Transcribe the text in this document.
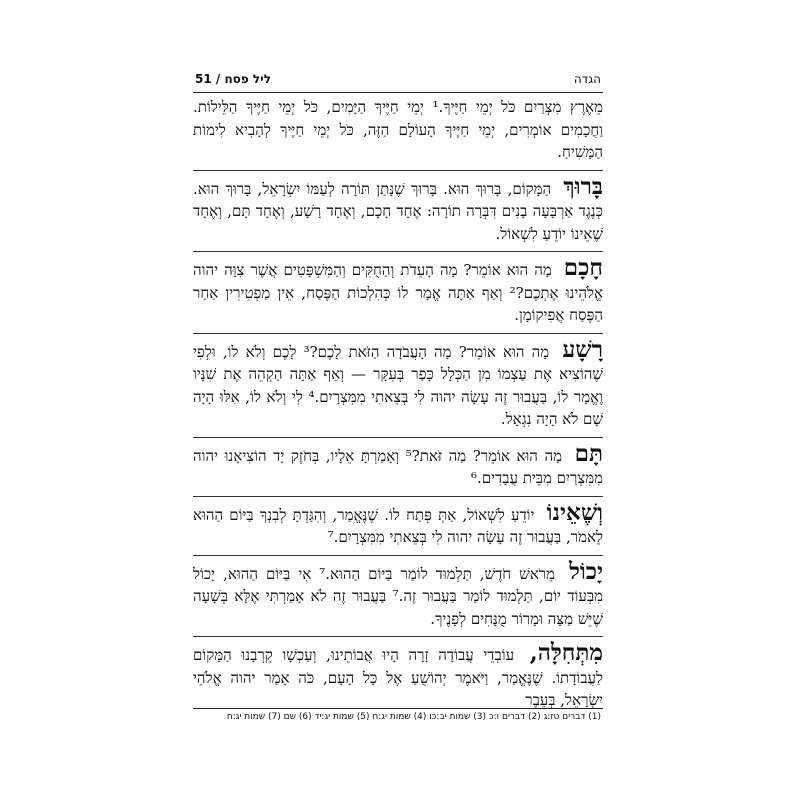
הגדה
ליל פסח / 51

מֵאֶרֶץ מִצְרַיִם כֹּל יְמֵי חַיֶּיךָ.¹ יְמֵי חַיֶּיךָ הַיָּמִים, כֹּל יְמֵי חַיֶּיךָ הַלֵּילוֹת. וַחֲכָמִים אוֹמְרִים, יְמֵי חַיֶּיךָ הָעוֹלָם הַזֶּה, כֹּל יְמֵי חַיֶּיךָ לְהָבִיא לִימוֹת הַמָּשִׁיחַ.

בָּרוּךְ הַמָּקוֹם, בָּרוּךְ הוּא. בָּרוּךְ שֶׁנָּתַן תּוֹרָה לְעַמּוֹ יִשְׂרָאֵל, בָּרוּךְ הוּא. כְּנֶגֶד אַרְבָּעָה בָנִים דִּבְּרָה תוֹרָה: אֶחָד חָכָם, וְאֶחָד רָשָׁע, וְאֶחָד תָּם, וְאֶחָד שֶׁאֵינוֹ יוֹדֵעַ לִשְׁאוֹל.

חָכָם מָה הוּא אוֹמֵר? מָה הָעֵדֹת וְהַחֻקִּים וְהַמִּשְׁפָּטִים אֲשֶׁר צִוָּה יהוה אֱלֹהֵינוּ אֶתְכֶם?² וְאַף אַתָּה אֱמָר לוֹ כְּהִלְכוֹת הַפֶּסַח, אֵין מַפְטִירִין אַחַר הַפֶּסַח אֲפִיקוֹמָן.

רָשָׁע מָה הוּא אוֹמֵר? מָה הָעֲבֹדָה הַזֹּאת לָכֶם?³ לָכֶם וְלֹא לוֹ, וּלְפִי שֶׁהוֹצִיא אֶת עַצְמוֹ מִן הַכְּלָל כָּפַר בְּעִקָּר — וְאַף אַתָּה הַקְהֵה אֶת שִׁנָּיו וֶאֱמָר לוֹ, בַּעֲבוּר זֶה עָשָׂה יהוה לִי בְּצֵאתִי מִמִּצְרָיִם.⁴ לִי וְלֹא לוֹ, אִלּוּ הָיָה שָׁם לֹא הָיָה נִגְאָל.

תָּם מָה הוּא אוֹמֵר? מַה זֹּאת?⁵ וְאָמַרְתָּ אֵלָיו, בְּחֹזֶק יָד הוֹצִיאָנוּ יהוה מִמִּצְרַיִם מִבֵּית עֲבָדִים.⁶

וְשֶׁאֵינוֹ יוֹדֵעַ לִשְׁאוֹל, אַתְּ פְּתַח לוֹ. שֶׁנֶּאֱמַר, וְהִגַּדְתָּ לְבִנְךָ בַּיּוֹם הַהוּא לֵאמֹר, בַּעֲבוּר זֶה עָשָׂה יהוה לִי בְּצֵאתִי מִמִּצְרָיִם.⁷

יָכוֹל מֵרֹאשׁ חֹדֶשׁ, תַּלְמוּד לוֹמַר בַּיּוֹם הַהוּא.⁷ אִי בַּיּוֹם הַהוּא, יָכוֹל מִבְּעוֹד יוֹם, תַּלְמוּד לוֹמַר בַּעֲבוּר זֶה.⁷ בַּעֲבוּר זֶה לֹא אָמַרְתִּי אֶלָּא בְּשָׁעָה שֶׁיֵּשׁ מַצָּה וּמָרוֹר מֻנָּחִים לְפָנֶיךָ.

מִתְּחִלָּה, עוֹבְדֵי עֲבוֹדָה זָרָה הָיוּ אֲבוֹתֵינוּ, וְעַכְשָׁו קֵרְבָנוּ הַמָּקוֹם לַעֲבוֹדָתוֹ. שֶׁנֶּאֱמַר, וַיֹּאמֶר יְהוֹשֻׁעַ אֶל כָּל הָעָם, כֹּה אָמַר יהוה אֱלֹהֵי יִשְׂרָאֵל, בְּעֵבֶר

(1) דברים טז:ג (2) דברים ו:כ (3) שמות יב:כו (4) שמות יג:ח (5) שמות יג:יד (6) שם (7) שמות יג:ח
